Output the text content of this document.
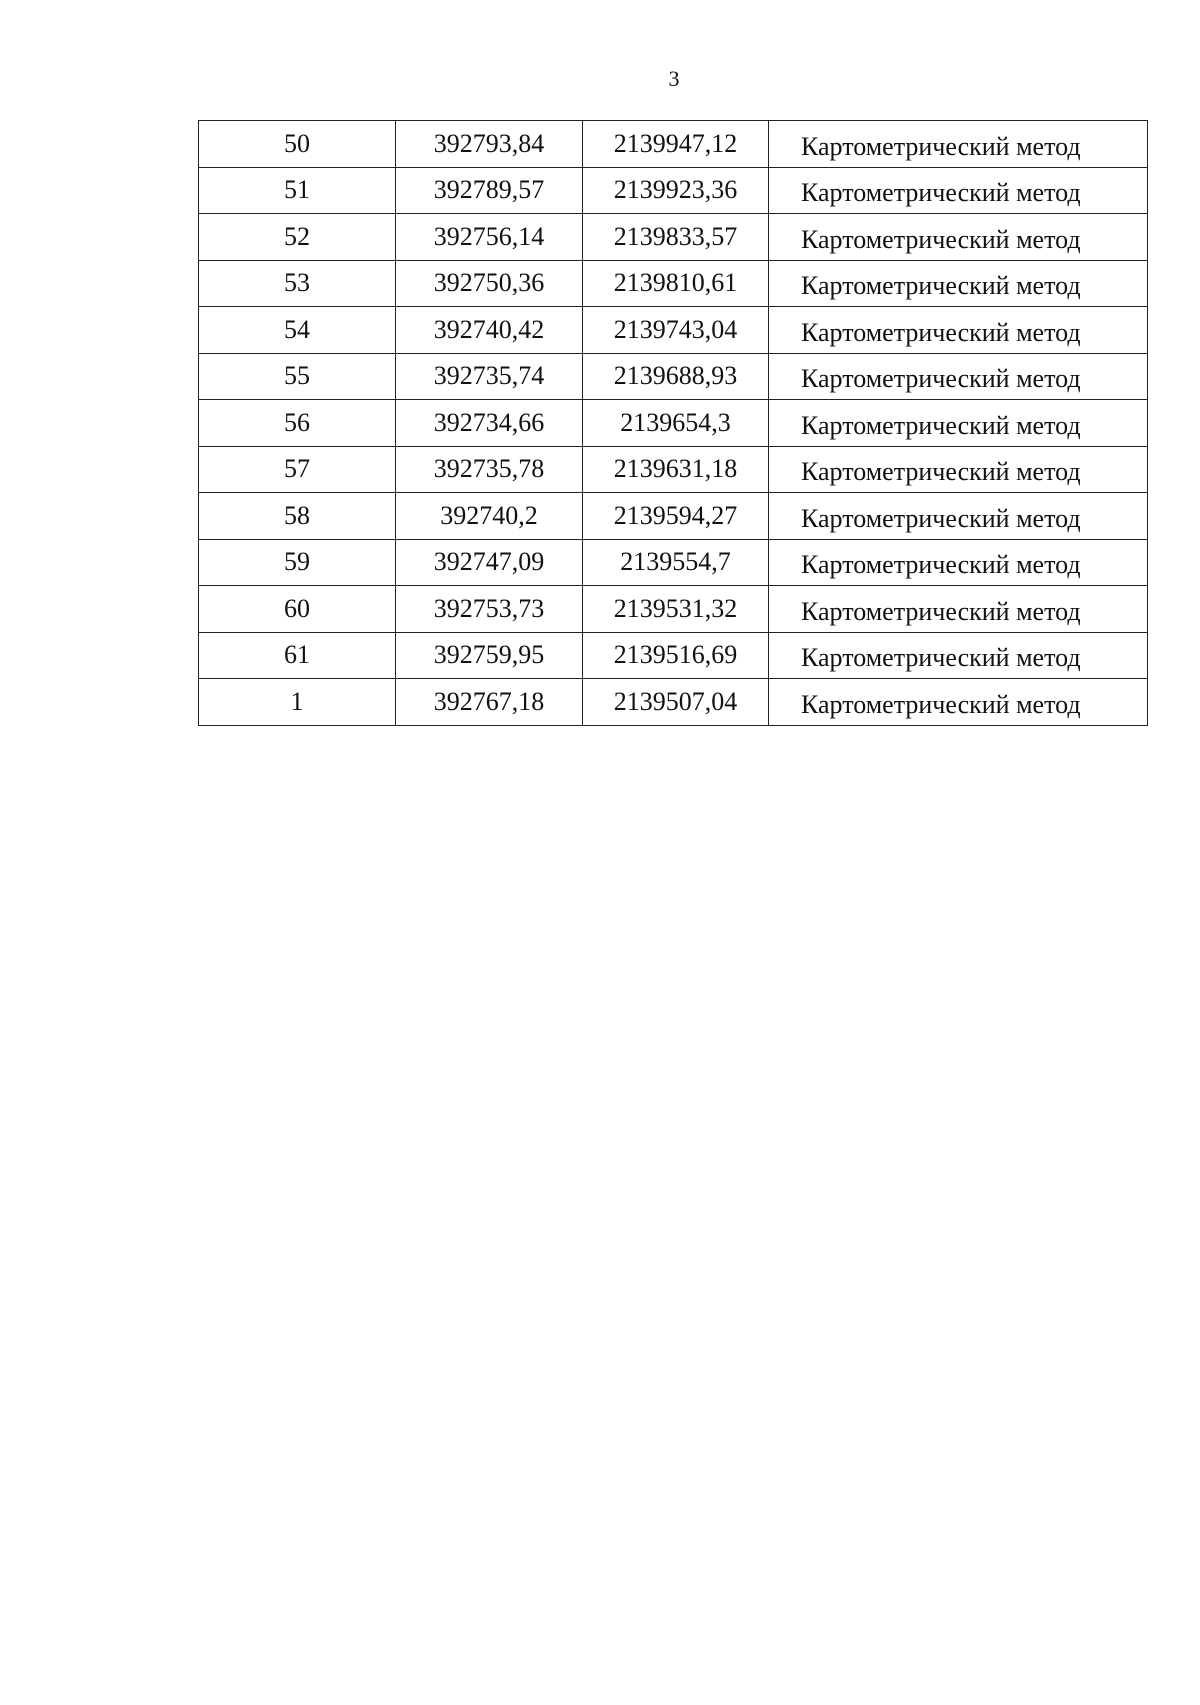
3
50	392793,84	2139947,12	Картометрический метод
51	392789,57	2139923,36	Картометрический метод
52	392756,14	2139833,57	Картометрический метод
53	392750,36	2139810,61	Картометрический метод
54	392740,42	2139743,04	Картометрический метод
55	392735,74	2139688,93	Картометрический метод
56	392734,66	2139654,3	Картометрический метод
57	392735,78	2139631,18	Картометрический метод
58	392740,2	2139594,27	Картометрический метод
59	392747,09	2139554,7	Картометрический метод
60	392753,73	2139531,32	Картометрический метод
61	392759,95	2139516,69	Картометрический метод
1	392767,18	2139507,04	Картометрический метод
